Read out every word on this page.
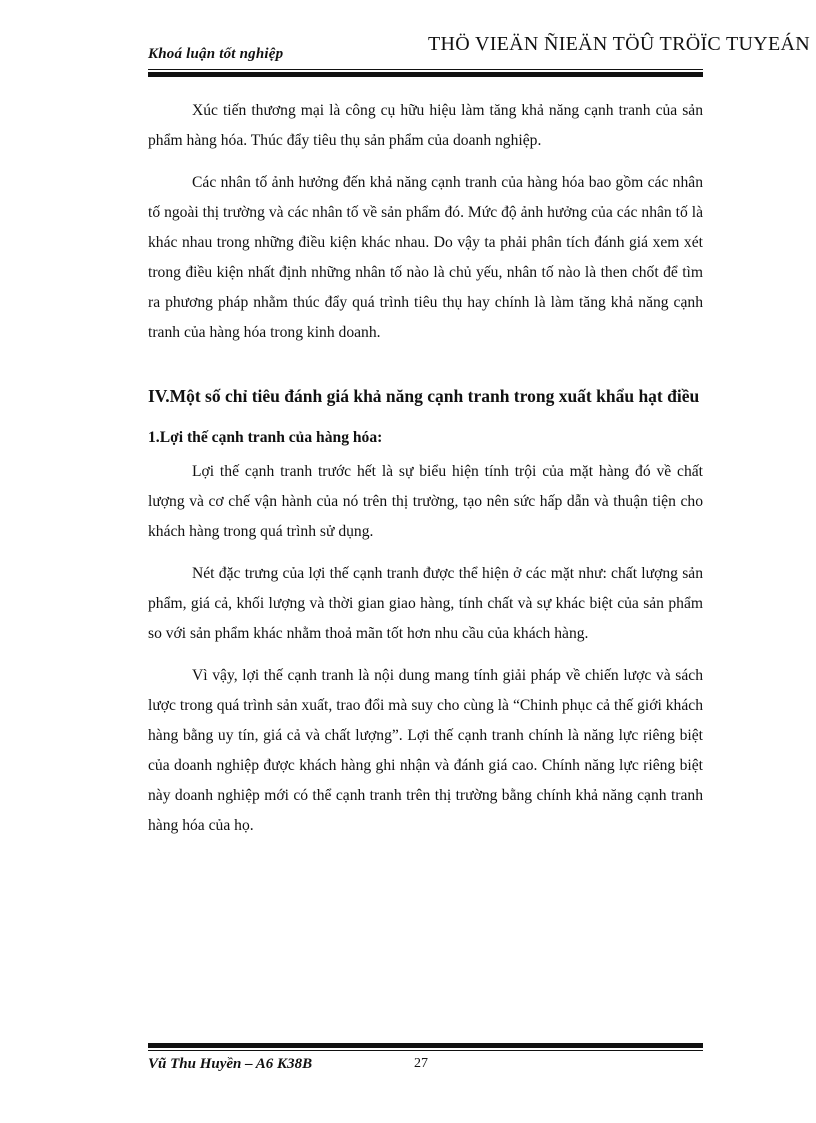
Khoá luận tốt nghiệp	THÖ VIEÄN ÑIEÄN TÖÛ TRÖÏC TUYEÁN

Xúc tiến thương mại là công cụ hữu hiệu làm tăng khả năng cạnh tranh của sản phẩm hàng hóa. Thúc đẩy tiêu thụ sản phẩm của doanh nghiệp.

Các nhân tố ảnh hưởng đến khả năng cạnh tranh của hàng hóa bao gồm các nhân tố ngoài thị trường và các nhân tố về sản phẩm đó. Mức độ ảnh hưởng của các nhân tố là khác nhau trong những điều kiện khác nhau. Do vậy ta phải phân tích đánh giá xem xét trong điều kiện nhất định những nhân tố nào là chủ yếu, nhân tố nào là then chốt để tìm ra phương pháp nhằm thúc đẩy quá trình tiêu thụ hay chính là làm tăng khả năng cạnh tranh của hàng hóa trong kinh doanh.

IV.Một số chỉ tiêu đánh giá khả năng cạnh tranh trong xuất khẩu hạt điều

1.Lợi thế cạnh tranh của hàng hóa:

Lợi thế cạnh tranh trước hết là sự biểu hiện tính trội của mặt hàng đó về chất lượng và cơ chế vận hành của nó trên thị trường, tạo nên sức hấp dẫn và thuận tiện cho khách hàng trong quá trình sử dụng.

Nét đặc trưng của lợi thế cạnh tranh được thể hiện ở các mặt như: chất lượng sản phẩm, giá cả, khối lượng và thời gian giao hàng, tính chất và sự khác biệt của sản phẩm so với sản phẩm khác nhằm thoả mãn tốt hơn nhu cầu của khách hàng.

Vì vậy, lợi thế cạnh tranh là nội dung mang tính giải pháp về chiến lược và sách lược trong quá trình sản xuất, trao đổi mà suy cho cùng là “Chinh phục cả thế giới khách hàng bằng uy tín, giá cả và chất lượng”. Lợi thế cạnh tranh chính là năng lực riêng biệt của doanh nghiệp được khách hàng ghi nhận và đánh giá cao. Chính năng lực riêng biệt này doanh nghiệp mới có thể cạnh tranh trên thị trường bằng chính khả năng cạnh tranh hàng hóa của họ.

Vũ Thu Huyền – A6 K38B	27
